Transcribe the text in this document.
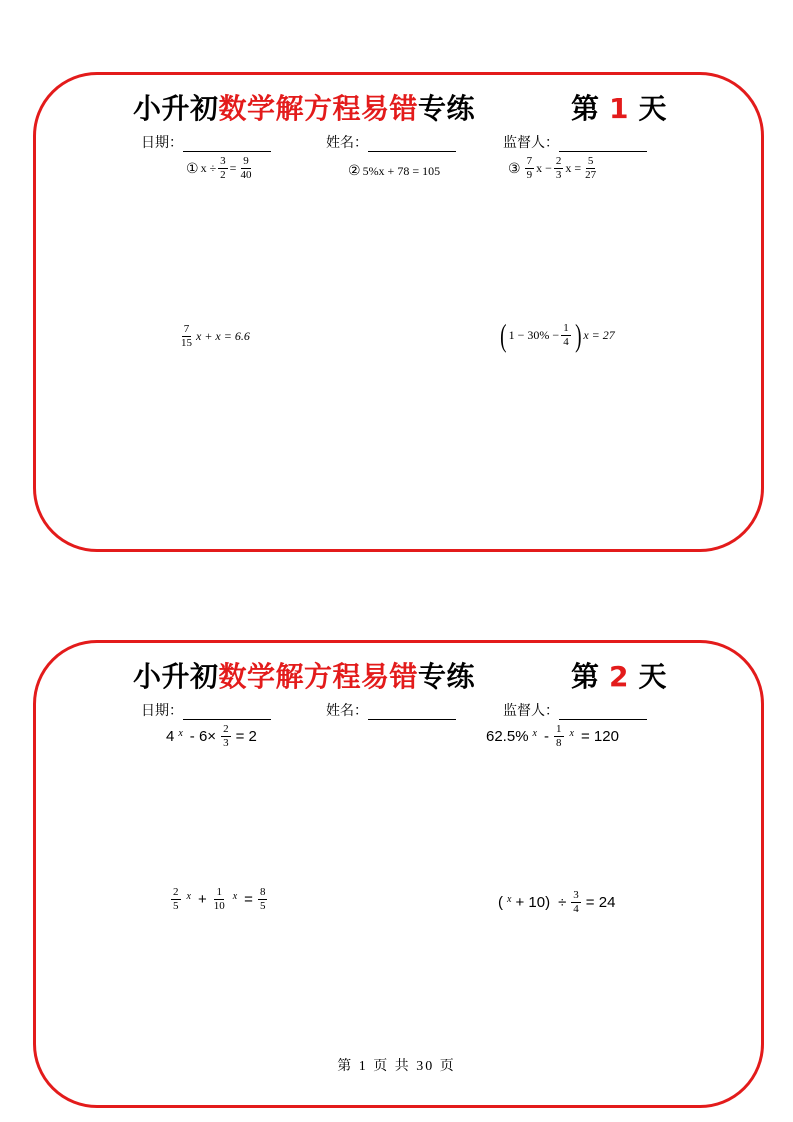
小升初数学解方程易错专练	第 1 天
日期：	姓名：	监督人：
① $x \div \frac{3}{2} = \frac{9}{40}$	② 5%x + 78 = 105	③ $\frac{7}{9}$ $x - \frac{2}{3}$ $x = \frac{5}{27}$
$\frac{7}{15}$ x + x = 6.6	( $1 - 30\% - \frac{1}{4}$ ) x = 27
小升初数学解方程易错专练	第 2 天
日期：	姓名：	监督人：
4 $x - 6\times \frac{2}{3} = 2$	62.5% x - $\frac{1}{8}$ x = 120
$\frac{2}{5}$ $x + \frac{1}{10}$ $x = \frac{8}{5}$	( $x + 10) \div \frac{3}{4} = 24$
第 1 页 共 30 页
